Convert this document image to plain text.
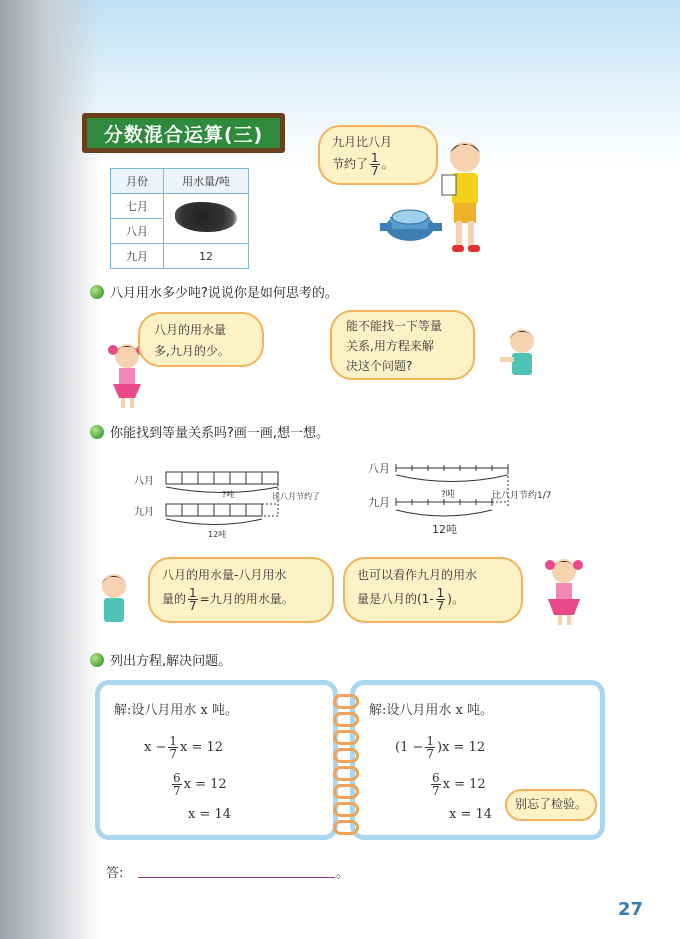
分数混合运算(三)
月份	用水量/吨
七月	
八月	
九月	12
九月比八月
节约了 $\frac{1}{7}$ 。
八月用水多少吨?说说你是如何思考的。
八月的用水量
多,九月的少。
能不能找一下等量
关系,用方程来解
决这个问题?
你能找到等量关系吗?画一画,想一想。
八月
九月
?吨	比八月节约了
12吨
八月
九月
?吨	比八月节约1/7
12吨
八月的用水量-八月用水
量的 $\frac{1}{7}$ =九月的用水量。
也可以看作九月的用水
量是八月的($1- \frac{1}{7}$ )。
列出方程,解决问题。
解:设八月用水 x 吨。
$x - \frac{1}{7}$ x = 12
$\frac{6}{7}$ x = 12
x = 14
解:设八月用水 x 吨。
$(1 - \frac{1}{7} )x = 12$
$\frac{6}{7}$ x = 12
x = 14
别忘了检验。
答:	。
27
